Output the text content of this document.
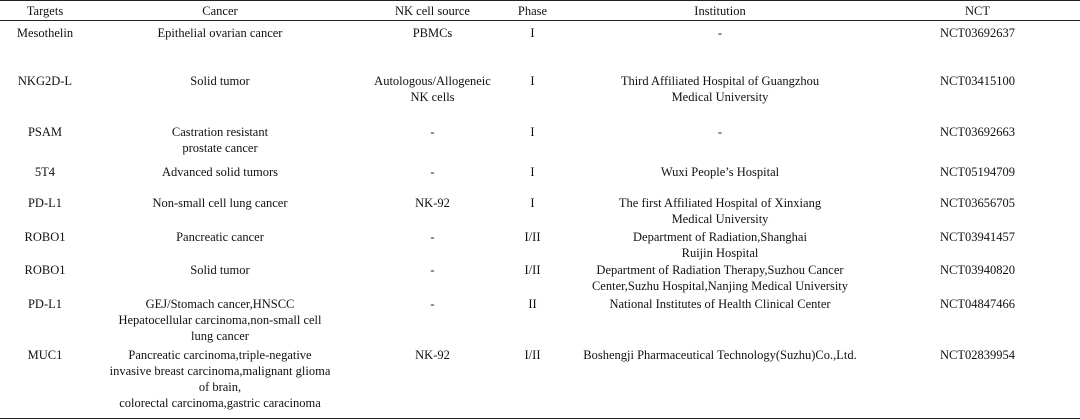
Targets	Cancer	NK cell source	Phase	Institution	NCT
Mesothelin	Epithelial ovarian cancer	PBMCs	I	-	NCT03692637
NKG2D-L	Solid tumor	Autologous/Allogeneic
NK cells
I	Third Affiliated Hospital of Guangzhou
Medical University
NCT03415100
PSAM	Castration resistant
prostate cancer
-	I	-	NCT03692663
5T4	Advanced solid tumors	-	I	Wuxi People’s Hospital	NCT05194709
PD-L1	Non-small cell lung cancer	NK-92	I	The first Affiliated Hospital of Xinxiang
Medical University
NCT03656705
ROBO1	Pancreatic cancer	-	I/II	Department of Radiation,Shanghai
Ruijin Hospital
NCT03941457
ROBO1	Solid tumor	-	I/II	Department of Radiation Therapy,Suzhou Cancer
Center,Suzhu Hospital,Nanjing Medical University
NCT03940820
PD-L1	GEJ/Stomach cancer,HNSCC
Hepatocellular carcinoma,non-small cell
lung cancer
-	II	National Institutes of Health Clinical Center	NCT04847466
MUC1	Pancreatic carcinoma,triple-negative
invasive breast carcinoma,malignant glioma
of brain,
colorectal carcinoma,gastric caracinoma
NK-92	I/II	Boshengji Pharmaceutical Technology(Suzhu)Co.,Ltd.	NCT02839954
